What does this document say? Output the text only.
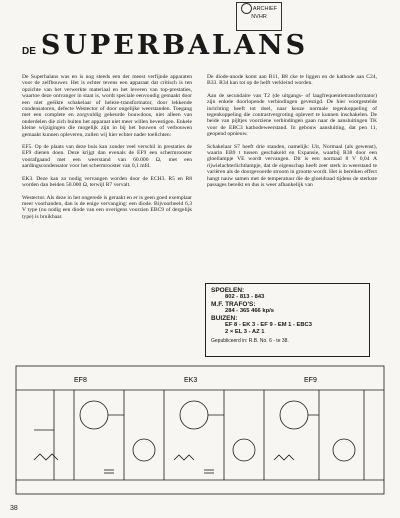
ARCHIEF
NVHR
DE SUPERBALANS

De Superbalans was en is nog steeds een der meest verfijnde apparaten voor de zelfbouwer. Het is echter tevens een apparaat dat critisch is ten opzichte van het verwerkte materiaal en het leveren van top-prestaties, waartoe deze ontvanger in staat is, wordt speciale eenvoudig gemaakt door een niet geëikte schakelaar of heleze-transformator, door lekkende condensatoren, defecte Westector of door ongelijke weerstanden. Toegang met een complete en zorgvuldig gekeurde bouwdoos, niet alleen van onderdelen die zich buiten het apparaat niet meer willen bevestigen. Enkele kleine wijzigingen die mogelijk zijn in bij het bouwen of verbouwen gemaakt kunnen opleveren, zullen wij hier echter nader toelichten:

EF5. Op de plaats van deze buis kan zonder veel verschil in prestaties de EF9 dienen doen. Deze krijgt dan evenals de EF9 een schermrooster voorafgaand met een weerstand van 60.000 Ω, met een aardingscondensator voor het schermrooster van 0,1 mfd.

EK3. Deze kan zo nodig vervangen worden door de ECH3. R5 en R8 worden dan beiden 50.000 Ω, terwijl R7 vervalt.

Westector. Als deze in het ongerede is geraakt en er is geen goed exemplaar meer voorhanden, dan is de enige vervanging: een diode. Bijvoorbeeld 6,3 V type (nu nodig een diode van een overigens voorzien EBC9 of dergelijk type) is bruikbaar.

De diode-anode komt aan B11, B8 cke te liggen en de kathode aan C24, B33. R34 kan tot op de helft verkleind worden.

Aan de secundaire van T2 (de uitgangs- of laagfrequentietransformator) zijn enkele doorlopende verbindingen gevestigd. De hier voorgestelde inrichting heeft tot doel, naar keuze normale tegenkoppeling of tegenkoppeling die contrastvergroting oplevert te kunnen inschakelen. De beide van pijltjes voorziene verbindingen gaan naar de aansluitingen TK voor de EBC3 kathodeweerstand. In gebouw aansluiting, dat pen 11, geopend opnieuw.

Schakelaar S7 heeft drie standen, namelijk: Uit, Normaal (als gewenst), waarin EB9 t tussen geschakeld en Expansie, waarbij R38 door een gloeilampje VE wordt vervangen. Dit is een normaal 8 V 0,04 A rijwielachterlichtlampje, dat de eigenschap heeft zeer sterk in weerstand te variëren als de doorgevoerde stroom in grootte wordt. Het is bereiken effect hangt nauw samen met de temperatuur die de gloeidraad tijdens de sterkste passages bereikt en dus is weer afhankelijk van

SPOELEN:
802 - 813 - 843
M.F. TRAFO'S:
284 - 365 466 kp/s
BUIZEN:
EF 8 - EK 3 - EF 9 - EM 1 - EBC3
2 × EL 3 - AZ 1
Gepubliceerd in: R.B. No. 6 - te 38.
EF8	EK3	EF9
38
